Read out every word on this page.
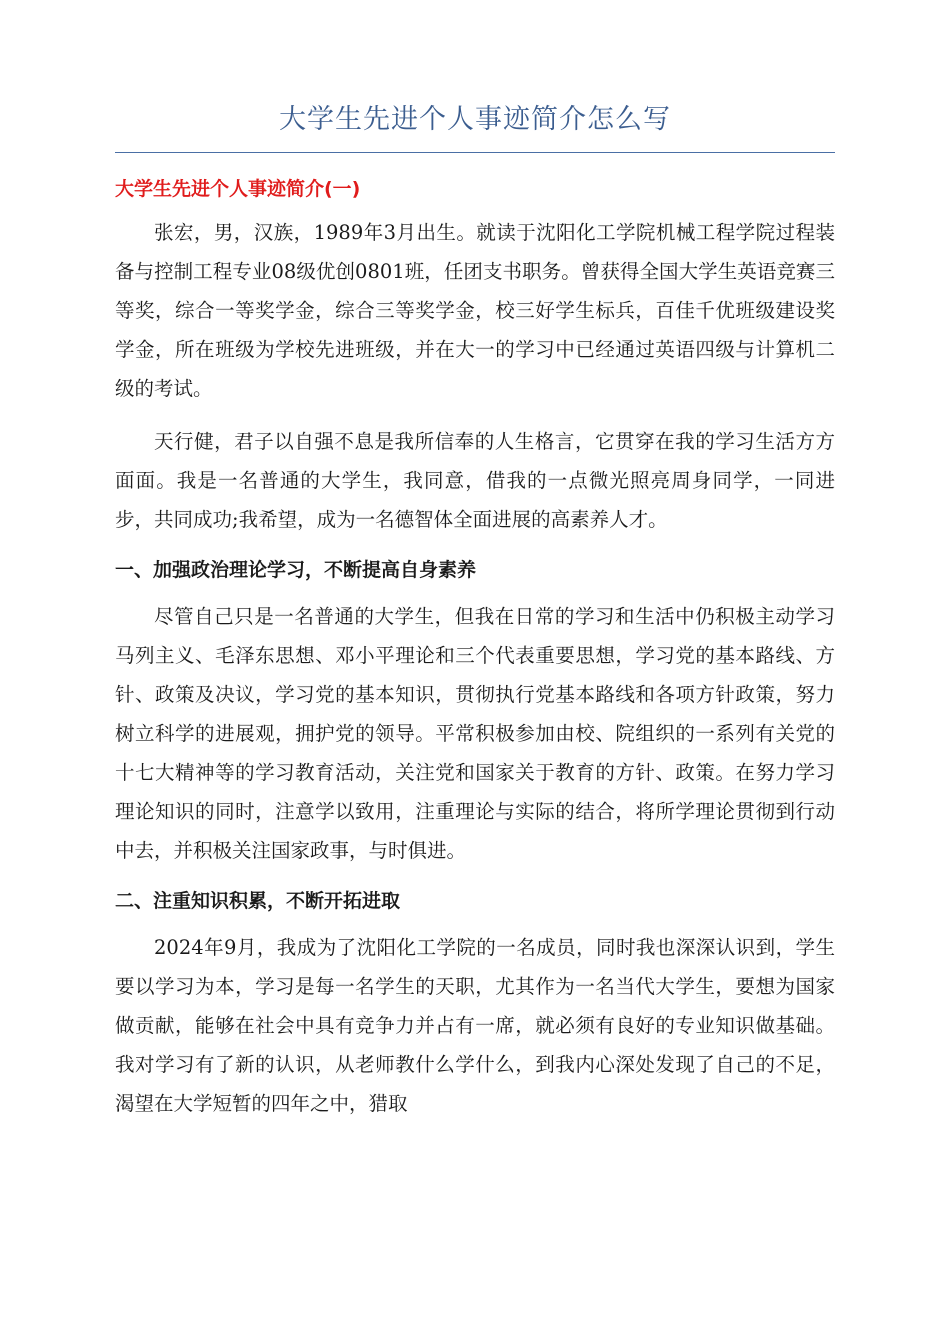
大学生先进个人事迹简介怎么写
大学生先进个人事迹简介(一)

张宏，男，汉族，1989年3月出生。就读于沈阳化工学院机械工程学院过程装备与控制工程专业08级优创0801班，任团支书职务。曾获得全国大学生英语竞赛三等奖，综合一等奖学金，综合三等奖学金，校三好学生标兵，百佳千优班级建设奖学金，所在班级为学校先进班级，并在大一的学习中已经通过英语四级与计算机二级的考试。

天行健，君子以自强不息是我所信奉的人生格言，它贯穿在我的学习生活方方面面。我是一名普通的大学生，我同意，借我的一点微光照亮周身同学，一同进步，共同成功;我希望，成为一名德智体全面进展的高素养人才。

一、加强政治理论学习，不断提高自身素养

尽管自己只是一名普通的大学生，但我在日常的学习和生活中仍积极主动学习马列主义、毛泽东思想、邓小平理论和三个代表重要思想，学习党的基本路线、方针、政策及决议，学习党的基本知识，贯彻执行党基本路线和各项方针政策，努力树立科学的进展观，拥护党的领导。平常积极参加由校、院组织的一系列有关党的十七大精神等的学习教育活动，关注党和国家关于教育的方针、政策。在努力学习理论知识的同时，注意学以致用，注重理论与实际的结合，将所学理论贯彻到行动中去，并积极关注国家政事，与时俱进。

二、注重知识积累，不断开拓进取

2024年9月，我成为了沈阳化工学院的一名成员，同时我也深深认识到，学生要以学习为本，学习是每一名学生的天职，尤其作为一名当代大学生，要想为国家做贡献，能够在社会中具有竞争力并占有一席，就必须有良好的专业知识做基础。我对学习有了新的认识，从老师教什么学什么，到我内心深处发现了自己的不足，渴望在大学短暂的四年之中，猎取
